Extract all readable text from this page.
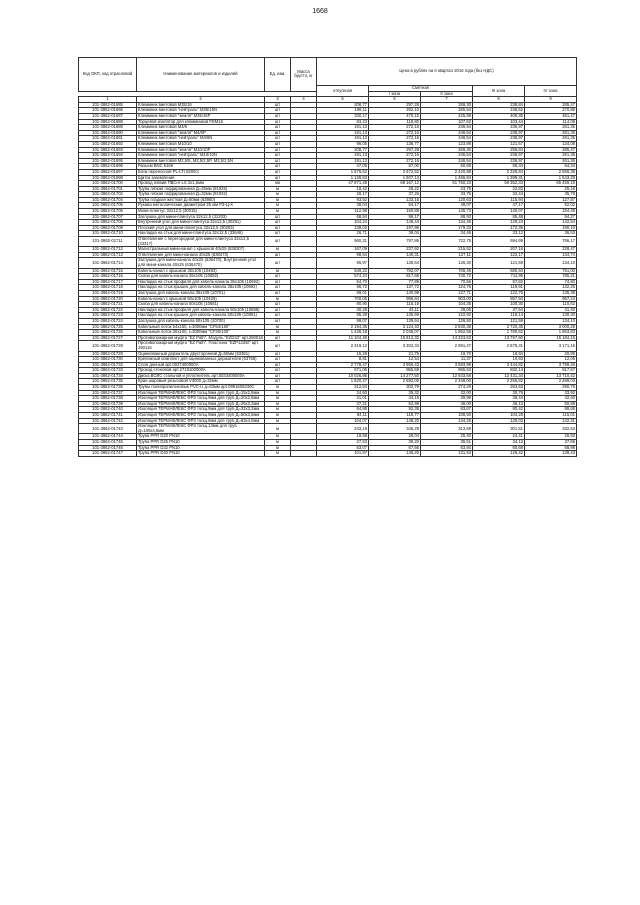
1668
Код ОКП, код отраслевой	Наименование материалов и изделий	Ед. изм.	Масса брутто, кг	Цена в рублях на II квартал 2016 года (без НДС)				
				отпускная	Сметная		III зона	IV зона
					I зона	II зона		
1	2	3	4	5	6	7	8	9
101-3862-01685	Клеммник винтовой M35/16	шт		208,77	297,28	269,30	238,84	285,47
101-3862-01686	Клеммник винтовой "нейтраль" M35/16N	шт		198,11	282,10	255,54	245,62	270,89
101-3862-01687	Клеммник винтовой "земля" M35/16P	шт		330,17	470,15	425,89	409,35	451,47
101-3862-01688	Торцевой изолятор для клеммников FEM16	шт		83,43	118,80	107,62	103,44	114,08
101-3862-01689	Клеммник винтовой M4/6	шт		191,13	272,16	246,54	236,97	261,35
101-3862-01690	Клеммник винтовой "земля" M4/6P	шт		191,13	272,16	246,54	236,97	261,35
101-3862-01691	Клеммник винтовой "нейтраль" M4/6N	шт		191,13	272,16	246,54	236,97	261,35
101-3862-01692	Клеммник винтовой M10/10	шт		96,05	136,77	123,89	121,57	134,08
101-3862-01693	Клеммник винтовой "земля" M10/10P	шт		208,77	297,28	269,30	258,84	285,47
101-3862-01694	Клеммник винтовой "нейтраль" M10/10N	шт		191,13	272,16	246,54	236,97	261,35
101-3862-01695	Клеммник винтовой M2,5/5, M2,5/2,5P, M2,5/2,5N	шт		191,13	272,16	246,54	236,97	261,35
101-3862-01696	Разъем BNC 6166	шт		47,05	67,00	60,69	58,34	64,34
101-3862-01697	Блок переносной PL-LTI 6200ct	шт		1 676,62	2 672,52	2 420,88	2 326,84	2 566,36
101-3862-01698	Щиток заземления	шт		1 128,63	1 607,13	1 455,84	1 399,31	1 543,28
101-3862-01700	Провод гибкий ПВСнг-LS 2x1,5мм	км		47 871,48	68 167,12	61 750,23	59 352,33	65 459,19
101-3862-01701	Труба гибкая гофрированная Д=25мм (91925)	м		18,42	26,22	23,75	22,83	25,18
101-3862-01702	Труба гибкая гофрированная Д=32мм (91932)	м		26,17	37,26	33,75	32,44	35,78
101-3862-01704	Труба гладкая жесткая Д=50мм (63950)	м		93,52	133,16	120,63	115,94	127,87
101-3862-01705	Рукава металлические диаметром 25 мм РЗ-Ц-Х	м		38,04	54,17	49,07	47,17	52,02
101-3862-01706	Мини-плинтус 32x12,5 (30015)	м		112,98	160,88	145,73	140,07	154,49
101-3862-01707	Заглушка для мини-плинтуса 32x12,5 (31203)	шт		68,94	98,17	88,93	85,48	94,27
101-3862-01708	Внутренний угол для мини-плинтуса 32x12,5 (30251)	шт		104,24	148,44	134,46	129,24	142,54
101-3862-01709	Плоский угол для мини-плинтуса 32x12,5 (30253)	шт		139,02	197,96	179,33	172,36	190,10
101-3862-01710	Накладка на стык для мини-плинтуса 32x12,5 (33648)	шт		26,71	38,04	34,46	33,12	36,53
101-3862-01711	Ответвление с перегородкой для мини-плинтуса 32x12,5 (33317)	шт		560,31	797,86	722,75	694,69	766,17
101-3862-01712	Магистральный мини-канал с крышкой 40x25 (638307)	м		167,09	237,92	215,52	207,16	228,47
101-3862-01713	Ответвление для мини-канала 40x25 (638473)	шт		98,54	140,31	127,11	122,17	134,74
101-3862-01714	Заглушка для мини-канала 40x25 (636470); Внутренний угол для мини-канала 40x25 (636470)	шт		95,97	136,64	126,30	121,59	134,10
101-3862-01715	Кабель-канал с крышкой 35x105 (10493)	м		549,22	782,07	708,45	680,94	751,00
101-3862-01716	Скоба для кабель-канала 35x105 (10692)	шт		574,24	817,68	740,72	711,95	785,21
101-3862-01717	Накладка на стык профиля для кабель-канала 35x105 (10692)	шт		54,70	77,89	70,56	67,82	74,80
101-3862-01718	Накладка на стык крышек для кабель-канала 35x105 (10692)	шт		96,72	137,72	124,76	119,91	132,25
101-3862-01719	Заглушка для кабель-канала 35x105 (10701)	шт		99,01	140,98	127,71	122,75	135,38
101-3862-01720	Кабель-канал с крышкой 50x105 (10429)	м		700,05	996,84	903,00	867,94	957,24
101-3862-01721	Скоба для кабель-канала 50x105 (10681)	шт		80,90	115,19	104,35	100,30	110,62
101-3862-01722	Накладка на стык профиля для кабель-канала 50x105 (10698)	шт		30,28	43,11	39,06	37,54	41,40
101-3862-01723	Накладка на стык крышек для кабель-канала 50x105 (10801)	шт		95,29	135,69	122,92	118,14	130,30
101-3862-01724	Заглушка для кабель-канала 50x105 (10700)	шт		98,07	139,64	126,50	121,59	134,10
101-3862-01725	Кабельный лоток 54x150, l=3000мм "CF54/150"	м		2 194,36	3 124,40	2 830,38	2 720,35	3 000,28
101-3862-01726	Кабельный лоток 30x100, l=3000мм "CF30/100"	м		1 436,18	2 045,07	1 852,55	1 780,62	1 963,83
101-3862-01727	Противопожарная муфта "EZ Path". Модуль "EZD33" арт.250018	шт		11 104,46	15 812,32	14 323,63	13 767,60	15 184,15
101-3862-01728	Противопожарная муфта "EZ Path". Пластина "EZP133W" арт. 250116	шт		2 319,12	3 302,34	2 991,47	2 875,31	3 171,15
101-3862-01729	Оцинкованный держатель двусторонний Д=50мм (53361)	шт		15,28	21,75	19,70	18,94	20,89
101-3862-01730	Крепежный комплект для оцинкованных держателей (53768)	шт		8,81	12,54	11,37	10,93	12,05
101-3862-01732	Слон донный арт.0027400000A	шт		2 778,47	3 956,43	3 583,99	3 444,82	3 799,26
101-3862-01733	Проход стеновой арт.2719100000A	шт		671,06	955,59	865,63	832,14	917,67
101-3862-01734	Диска ВОЛС стальной и уплотнитель арт.0033400000A	шт		10 026,86	14 277,50	12 933,58	12 431,34	13 710,42
101-3862-01735	Кран шаровый резьбовой V3000 д=32мм	шт		1 820,27	2 592,00	2 348,00	2 256,82	2 489,03
101-3862-01736	Трубы полипропиленовые PVC-U д=63мм арт.0991606330C	м		212,64	302,79	274,29	263,63	290,76
101-3862-01737	Изоляция ТЕРМАФЛЕКС ФРЗ толщ.9мм для труб Д=15x2,8мм	м		24,60	35,32	32,00	30,76	33,92
101-3862-01738	Изоляция ТЕРМАФЛЕКС ФРЗ толщ.9мм для труб Д=20x2,8мм	м		31,01	44,15	39,99	38,44	42,40
101-3862-01739	Изоляция ТЕРМАФЛЕКС ФРЗ толщ.9мм для труб Д=25x3,2мм	м		37,21	52,98	48,00	46,13	50,88
101-3862-01740	Изоляция ТЕРМАФЛЕКС ФРЗ толщ.9мм для труб Д=32x3,2мм	м		64,88	92,38	83,67	80,42	88,69
101-3862-01741	Изоляция ТЕРМАФЛЕКС ФРЗ толщ.9мм для труб Д=50x3,5мм	м		84,11	119,77	108,50	104,28	115,01
101-3862-01742	Изоляция ТЕРМАФЛЕКС ФРЗ толщ.9мм для труб Д=63x4,0мм	м		104,07	148,20	134,25	129,03	142,31
101-3862-01743	Изоляция ТЕРМАФЛЕКС ФРЗ толщ.13мм для труб Д=100x4,5мм	м		243,19	346,29	313,69	301,51	332,53
101-3862-01744	Труба PPR D20 PN10	м		19,68	28,04	25,40	24,41	26,92
101-3862-01745	Труба PPR D25 PN10	м		27,53	39,20	35,51	34,13	37,65
101-3862-01746	Труба PPR D32 PN10	м		63,07	67,66	63,94	60,68	66,98
101-3862-01747	Труба PPR D40 PN10	м		101,97	145,20	131,53	126,42	139,43
